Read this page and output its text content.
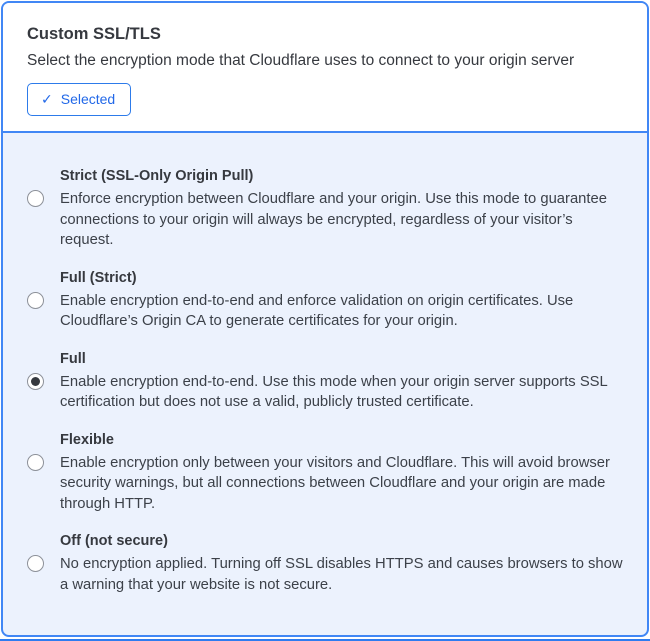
Custom SSL/TLS

Select the encryption mode that Cloudflare uses to connect to your origin server

✓ Selected

Strict (SSL-Only Origin Pull)

Enforce encryption between Cloudflare and your origin. Use this mode to guarantee connections to your origin will always be encrypted, regardless of your visitor’s request.

Full (Strict)

Enable encryption end-to-end and enforce validation on origin certificates. Use Cloudflare’s Origin CA to generate certificates for your origin.

Full

Enable encryption end-to-end. Use this mode when your origin server supports SSL certification but does not use a valid, publicly trusted certificate.

Flexible

Enable encryption only between your visitors and Cloudflare. This will avoid browser security warnings, but all connections between Cloudflare and your origin are made through HTTP.

Off (not secure)

No encryption applied. Turning off SSL disables HTTPS and causes browsers to show a warning that your website is not secure.
